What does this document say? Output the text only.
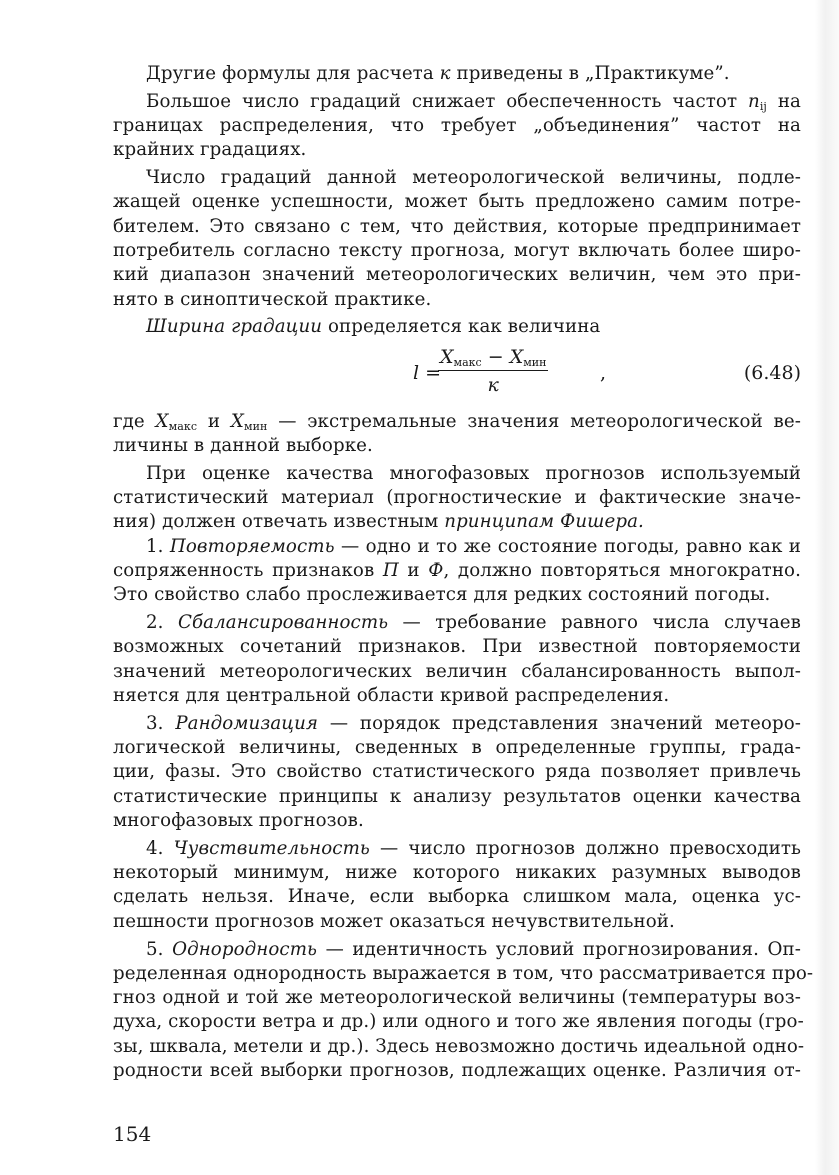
Другие формулы для расчета к приведены в „Практикуме”.
Большое число градаций снижает обеспеченность частот $n_{ij}$ на
границах распределения, что требует „объединения” частот на
крайних градациях.
Число градаций данной метеорологической величины, подле-
жащей оценке успешности, может быть предложено самим потре-
бителем. Это связано с тем, что действия, которые предпринимает
потребитель согласно тексту прогноза, могут включать более широ-
кий диапазон значений метеорологических величин, чем это при-
нято в синоптической практике.
Ширина градации определяется как величина
l =
$X_{макс} - X_{мин}$
к
,	(6.48)
где $X_{макс}$ и $X_{мин}$ — экстремальные значения метеорологической ве-
личины в данной выборке.
При оценке качества многофазовых прогнозов используемый
статистический материал (прогностические и фактические значе-
ния) должен отвечать известным принципам Фишера.
1. Повторяемость — одно и то же состояние погоды, равно как и
сопряженность признаков П и Ф, должно повторяться многократно.
Это свойство слабо прослеживается для редких состояний погоды.
2. Сбалансированность — требование равного числа случаев
возможных сочетаний признаков. При известной повторяемости
значений метеорологических величин сбалансированность выпол-
няется для центральной области кривой распределения.
3. Рандомизация — порядок представления значений метеоро-
логической величины, сведенных в определенные группы, града-
ции, фазы. Это свойство статистического ряда позволяет привлечь
статистические принципы к анализу результатов оценки качества
многофазовых прогнозов.
4. Чувствительность — число прогнозов должно превосходить
некоторый минимум, ниже которого никаких разумных выводов
сделать нельзя. Иначе, если выборка слишком мала, оценка ус-
пешности прогнозов может оказаться нечувствительной.
5. Однородность — идентичность условий прогнозирования. Оп-
ределенная однородность выражается в том, что рассматривается про-
гноз одной и той же метеорологической величины (температуры воз-
духа, скорости ветра и др.) или одного и того же явления погоды (гро-
зы, шквала, метели и др.). Здесь невозможно достичь идеальной одно-
родности всей выборки прогнозов, подлежащих оценке. Различия от-
154
